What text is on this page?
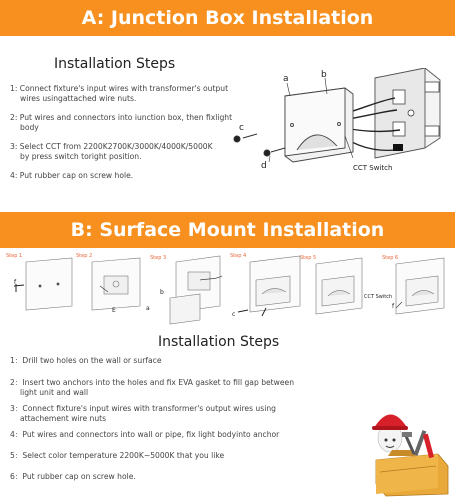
A: Junction Box Installation
Installation Steps
1: Connect fixture's input wires with transformer's output
wires usingattached wire nuts.
2: Put wires and connectors into iunction box, then fixlight
body
3: Select CCT from 2200K2700K/3000K/4000K/5000K
by press switch toright position.
4: Put rubber cap on screw hole.
a	b
c
d	CCT Switch
B: Surface Mount Installation
Step 1	Step 2	Step 3	Step 4	Step 5	Step 6
f
E	a
b
c
CCT Switch
f
Installation Steps
1：Drill two holes on the wall or surface
2：Insert two anchors into the holes and fix EVA gasket to fill gap between
light unit and wall
3：Connect fixture's input wires with transformer's output wires using
attachement wire nuts
4：Put wires and connectors into wall or pipe, fix light bodyinto anchor
5：Select color temperature 2200K~5000K that you like
6：Put rubber cap on screw hole.
